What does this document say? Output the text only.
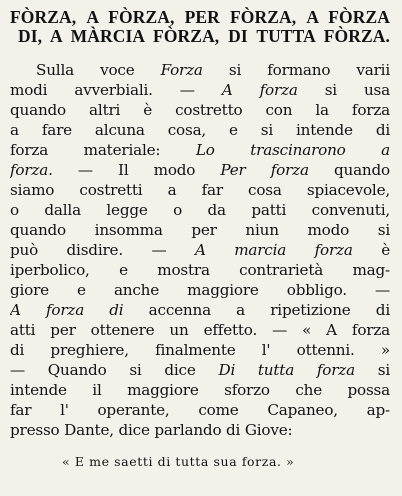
FÒRZA, A FÒRZA, PER FÒRZA, A FÒRZA
DI, A MÀRCIA FÒRZA, DI TUTTA FÒRZA.
Sulla voce Forza si formano varii
modi avverbiali. — A forza si usa
quando altri è costretto con la forza
a fare alcuna cosa, e si intende di
forza materiale: Lo trascinarono a
forza. — Il modo Per forza quando
siamo costretti a far cosa spiacevole,
o dalla legge o da patti convenuti,
quando insomma per niun modo si
può disdire. — A marcia forza è
iperbolico, e mostra contrarietà mag-
giore e anche maggiore obbligo. —
A forza di accenna a ripetizione di
atti per ottenere un effetto. — « A forza
di preghiere, finalmente l' ottenni. »
— Quando si dice Di tutta forza si
intende il maggiore sforzo che possa
far l' operante, come Capaneo, ap-
presso Dante, dice parlando di Giove:
« E me saetti di tutta sua forza. »
